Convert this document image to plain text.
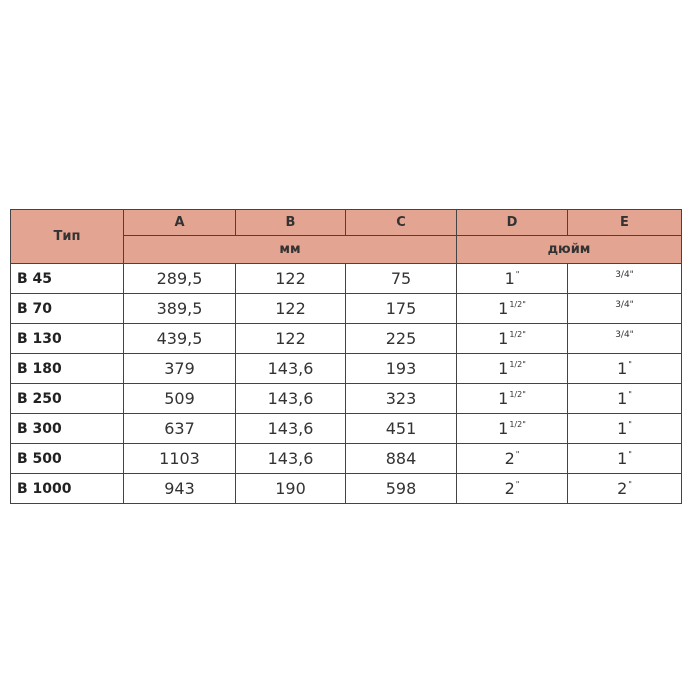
Тип	A	B	C	D	E
	мм			дюйм	
B 45	289,5	122	75	1"	$^{3/4"}$
B 70	389,5	122	175	$1^{1/2"}$	$^{3/4"}$
B 130	439,5	122	225	$1^{1/2"}$	$^{3/4"}$
B 180	379	143,6	193	$1^{1/2"}$	1"
B 250	509	143,6	323	$1^{1/2"}$	1"
B 300	637	143,6	451	$1^{1/2"}$	1"
B 500	1103	143,6	884	2"	1"
B 1000	943	190	598	2"	2"
